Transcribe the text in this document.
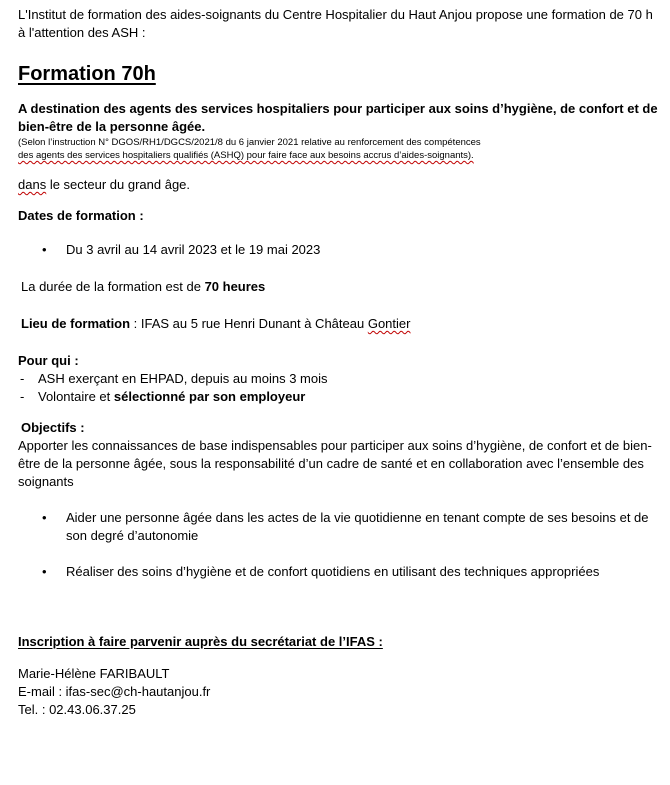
L'Institut de formation des aides-soignants du Centre Hospitalier du Haut Anjou propose une formation de 70 h à l'attention des ASH :

Formation 70h

A destination des agents des services hospitaliers pour participer aux soins d’hygiène, de confort et de bien-être de la personne âgée.

(Selon l’instruction N° DGOS/RH1/DGCS/2021/8 du 6 janvier 2021 relative au renforcement des compétences

des agents des services hospitaliers qualifiés (ASHQ) pour faire face aux besoins accrus d’aides-soignants).

dans le secteur du grand âge.

Dates de formation :

• Du 3 avril au 14 avril 2023 et le 19 mai 2023

La durée de la formation est de 70 heures

Lieu de formation : IFAS au 5 rue Henri Dunant à Château Gontier

Pour qui :

- ASH exerçant en EHPAD, depuis au moins 3 mois
- Volontaire et sélectionné par son employeur

Objectifs :

Apporter les connaissances de base indispensables pour participer aux soins d’hygiène, de confort et de bien-être de la personne âgée, sous la responsabilité d’un cadre de santé et en collaboration avec l’ensemble des soignants

• Aider une personne âgée dans les actes de la vie quotidienne en tenant compte de ses besoins et de son degré d’autonomie
• Réaliser des soins d’hygiène et de confort quotidiens en utilisant des techniques appropriées

Inscription à faire parvenir auprès du secrétariat de l’IFAS :

Marie-Hélène FARIBAULT

E-mail : ifas-sec@ch-hautanjou.fr

Tel. : 02.43.06.37.25
